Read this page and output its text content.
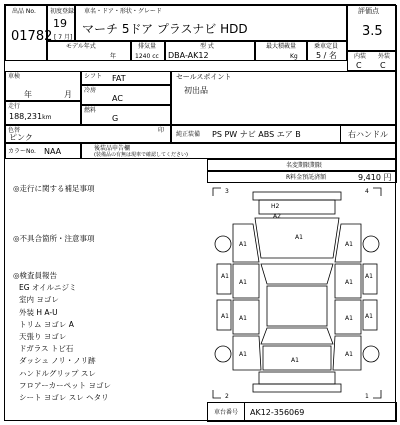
出品 No.
01782
初度登録
19
[ 7 月]
車名・ドア・形状・グレード
マーチ 5ドア プラスナビ HDD
評価点
3.5
モデル年式
年
排気量
1240 cc
型 式
DBA-AK12
最大積載量
Kg
乗車定員
5 / 名	内装 外装
C C
車検
年	月
走行
188,231km
シフト FAT
冷房
AC
燃料
G
セールスポイント
初出品
色替
ピンク
印
純正装備 PS PW ナビ ABS エア B	右ハンドル
カラーNo. NAA	後装品申告欄
(装備品の有無は現車で確認してください)
名変期限期限
R料金預託済額	9,410 円
◎走行に関する補足事項
◎不具合箇所・注意事項
◎検査員報告
EG オイルニジミ
室内 ヨゴレ
外装 H A-U
トリム ヨゴレ A
天張り ヨゴレ
ドガラス トビ石
ダッシュ ノリ・ノリ跡
ハンドルグリップ スレ
フロアーカーペット ヨゴレ
シート ヨゴレ スレ ヘタリ
3	4
2	1
H2
A2
A1
A1	A1
A1	A1
A1	A1
A1	A1
A1
A1	A1
A1	A1
車台番号 AK12-356069
